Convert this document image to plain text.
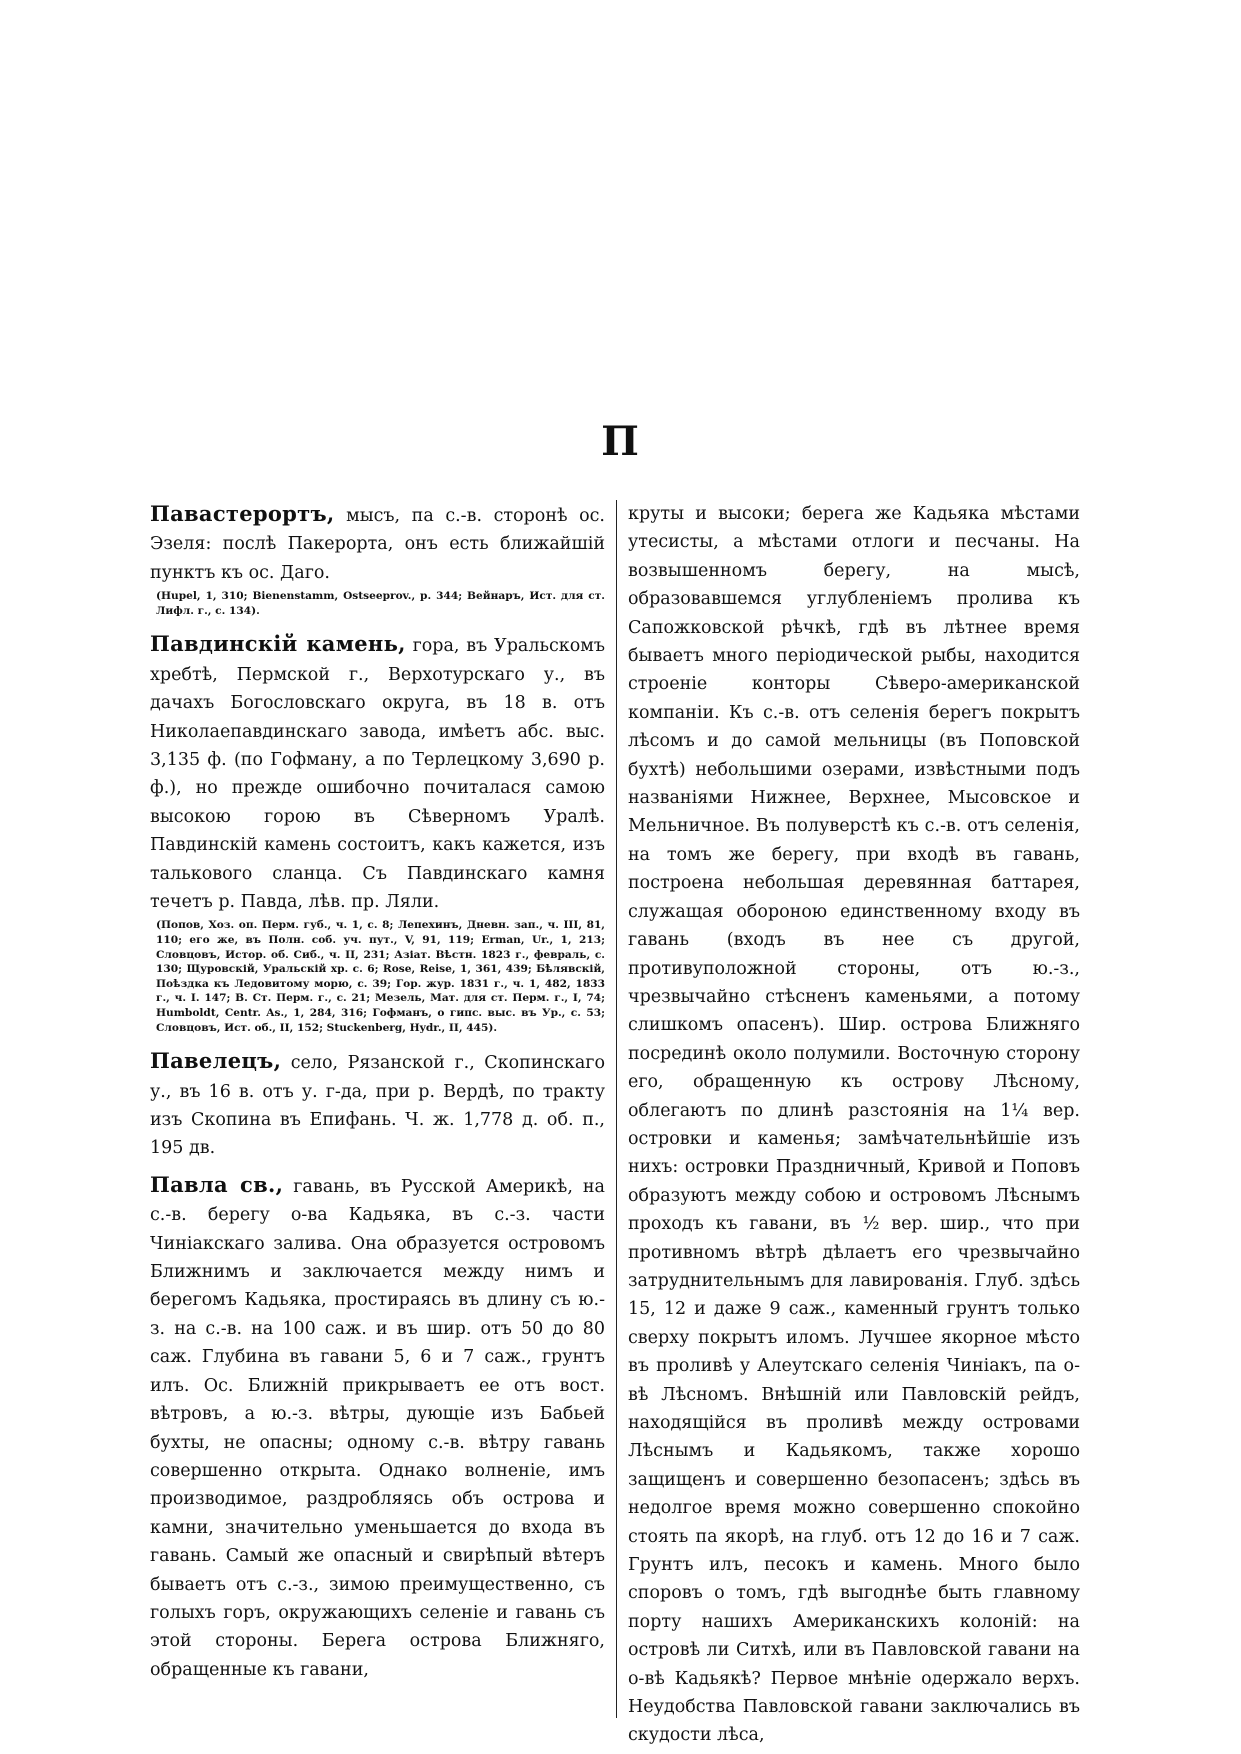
П

Павастерортъ, мысъ, па с.-в. сторонѣ ос. Эзеля: послѣ Пакерорта, онъ есть ближайшій пунктъ къ ос. Даго.

(Hupel, 1, 310; Bienenstamm, Ostseeprov., p. 344; Вейнаръ, Ист. для ст. Лифл. г., с. 134).

Павдинскій камень, гора, въ Уральскомъ хребтѣ, Пермской г., Верхотурскаго у., въ дачахъ Богословскаго округа, въ 18 в. отъ Николаепавдинскаго завода, имѣетъ абс. выс. 3,135 ф. (по Гофману, а по Терлецкому 3,690 р. ф.), но прежде ошибочно почиталася самою высокою горою въ Сѣверномъ Уралѣ. Павдинскій камень состоитъ, какъ кажется, изъ талькового сланца. Съ Павдинскаго камня течетъ р. Павда, лѣв. пр. Ляли.

(Попов, Хоз. оп. Перм. губ., ч. 1, с. 8; Лепехинъ, Дневн. зап., ч. III, 81, 110; его же, въ Полн. соб. уч. пут., V, 91, 119; Erman, Ur., 1, 213; Словцовъ, Истор. об. Сиб., ч. II, 231; Азіат. Вѣстн. 1823 г., февраль, с. 130; Щуровскій, Уральскій хр. с. 6; Rose, Reise, 1, 361, 439; Бѣлявскій, Поѣздка къ Ледовитому морю, с. 39; Гор. жур. 1831 г., ч. 1, 482, 1833 г., ч. I. 147; В. Ст. Перм. г., с. 21; Мезель, Мат. для ст. Перм. г., I, 74; Humboldt, Centr. As., 1, 284, 316; Гофманъ, о гипс. выс. въ Ур., с. 53; Словцовъ, Ист. об., II, 152; Stuckenberg, Hydr., II, 445).

Павелецъ, село, Рязанской г., Скопинскаго у., въ 16 в. отъ у. г-да, при р. Вердѣ, по тракту изъ Скопина въ Епифань. Ч. ж. 1,778 д. об. п., 195 дв.

Павла св., гавань, въ Русской Америкѣ, на с.-в. берегу о-ва Кадьяка, въ с.-з. части Чиніакскаго залива. Она образуется островомъ Ближнимъ и заключается между нимъ и берегомъ Кадьяка, простираясь въ длину съ ю.-з. на с.-в. на 100 саж. и въ шир. отъ 50 до 80 саж. Глубина въ гавани 5, 6 и 7 саж., грунтъ илъ. Ос. Ближній прикрываетъ ее отъ вост. вѣтровъ, а ю.-з. вѣтры, дующіе изъ Бабьей бухты, не опасны; одному с.-в. вѣтру гавань совершенно открыта. Однако волненіе, имъ производимое, раздробляясь объ острова и камни, значительно уменьшается до входа въ гавань. Самый же опасный и свирѣпый вѣтеръ бываетъ отъ с.-з., зимою преимущественно, съ голыхъ горъ, окружающихъ селеніе и гавань съ этой стороны. Берега острова Ближняго, обращенные къ гавани,

круты и высоки; берега же Кадьяка мѣстами утесисты, а мѣстами отлоги и песчаны. На возвышенномъ берегу, на мысѣ, образовавшемся углубленіемъ пролива къ Сапожковской рѣчкѣ, гдѣ въ лѣтнее время бываетъ много періодической рыбы, находится строеніе конторы Сѣверо-американской компаніи. Къ с.-в. отъ селенія берегъ покрытъ лѣсомъ и до самой мельницы (въ Поповской бухтѣ) небольшими озерами, извѣстными подъ названіями Нижнее, Верхнее, Мысовское и Мельничное. Въ полуверстѣ къ с.-в. отъ селенія, на томъ же берегу, при входѣ въ гавань, построена небольшая деревянная баттарея, служащая обороною единственному входу въ гавань (входъ въ нее съ другой, противуположной стороны, отъ ю.-з., чрезвычайно стѣсненъ каменьями, а потому слишкомъ опасенъ). Шир. острова Ближняго посрединѣ около полумили. Восточную сторону его, обращенную къ острову Лѣсному, облегаютъ по длинѣ разстоянія на 1¼ вер. островки и каменья; замѣчательнѣйшіе изъ нихъ: островки Праздничный, Кривой и Поповъ образуютъ между собою и островомъ Лѣснымъ проходъ къ гавани, въ ½ вер. шир., что при противномъ вѣтрѣ дѣлаетъ его чрезвычайно затруднительнымъ для лавированія. Глуб. здѣсь 15, 12 и даже 9 саж., каменный грунтъ только сверху покрытъ иломъ. Лучшее якорное мѣсто въ проливѣ у Алеутскаго селенія Чиніакъ, па о-вѣ Лѣсномъ. Внѣшній или Павловскій рейдъ, находящійся въ проливѣ между островами Лѣснымъ и Кадьякомъ, также хорошо защищенъ и совершенно безопасенъ; здѣсь въ недолгое время можно совершенно спокойно стоять па якорѣ, на глуб. отъ 12 до 16 и 7 саж. Грунтъ илъ, песокъ и камень. Много было споровъ о томъ, гдѣ выгоднѣе быть главному порту нашихъ Американскихъ колоній: на островѣ ли Ситхѣ, или въ Павловской гавани на о-вѣ Кадьякѣ? Первое мнѣніе одержало верхъ. Неудобства Павловской гавани заключались въ скудости лѣса,
